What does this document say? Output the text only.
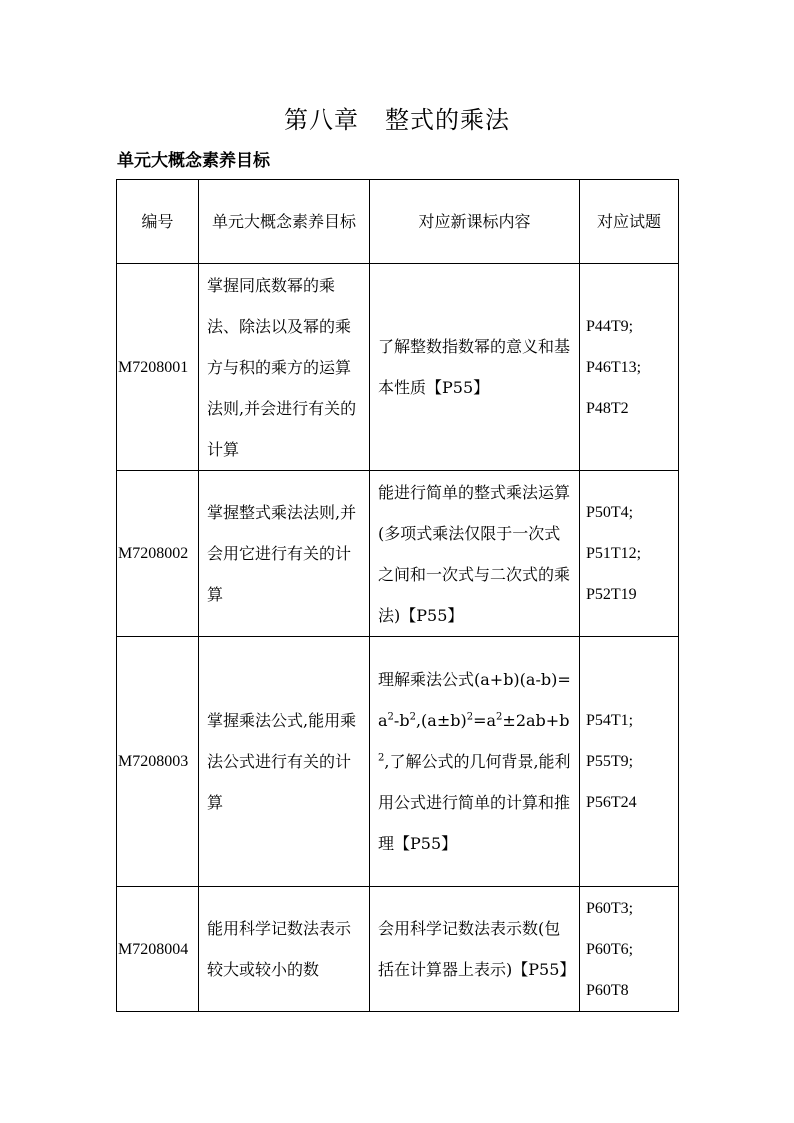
第八章 整式的乘法
单元大概念素养目标
编号	单元大概念素养目标	对应新课标内容	对应试题
M7208001	掌握同底数幂的乘法、除法以及幂的乘方与积的乘方的运算法则,并会进行有关的计算	了解整数指数幂的意义和基本性质【P55】	P44T9;
P46T13;
P48T2

M7208002	掌握整式乘法法则,并会用它进行有关的计算	能进行简单的整式乘法运算(多项式乘法仅限于一次式之间和一次式与二次式的乘法)【P55】	P50T4;
P51T12;
P52T19

M7208003	掌握乘法公式,能用乘法公式进行有关的计算	理解乘法公式$(a+b)(a-b)=a^2-b^2,(a\pm b)^2=a^2\pm 2ab+b^2$,了解公式的几何背景,能利用公式进行简单的计算和推理【P55】	P54T1;
P55T9;
P56T24

M7208004	能用科学记数法表示较大或较小的数	会用科学记数法表示数(包括在计算器上表示)【P55】	P60T3;
P60T6;
P60T8
